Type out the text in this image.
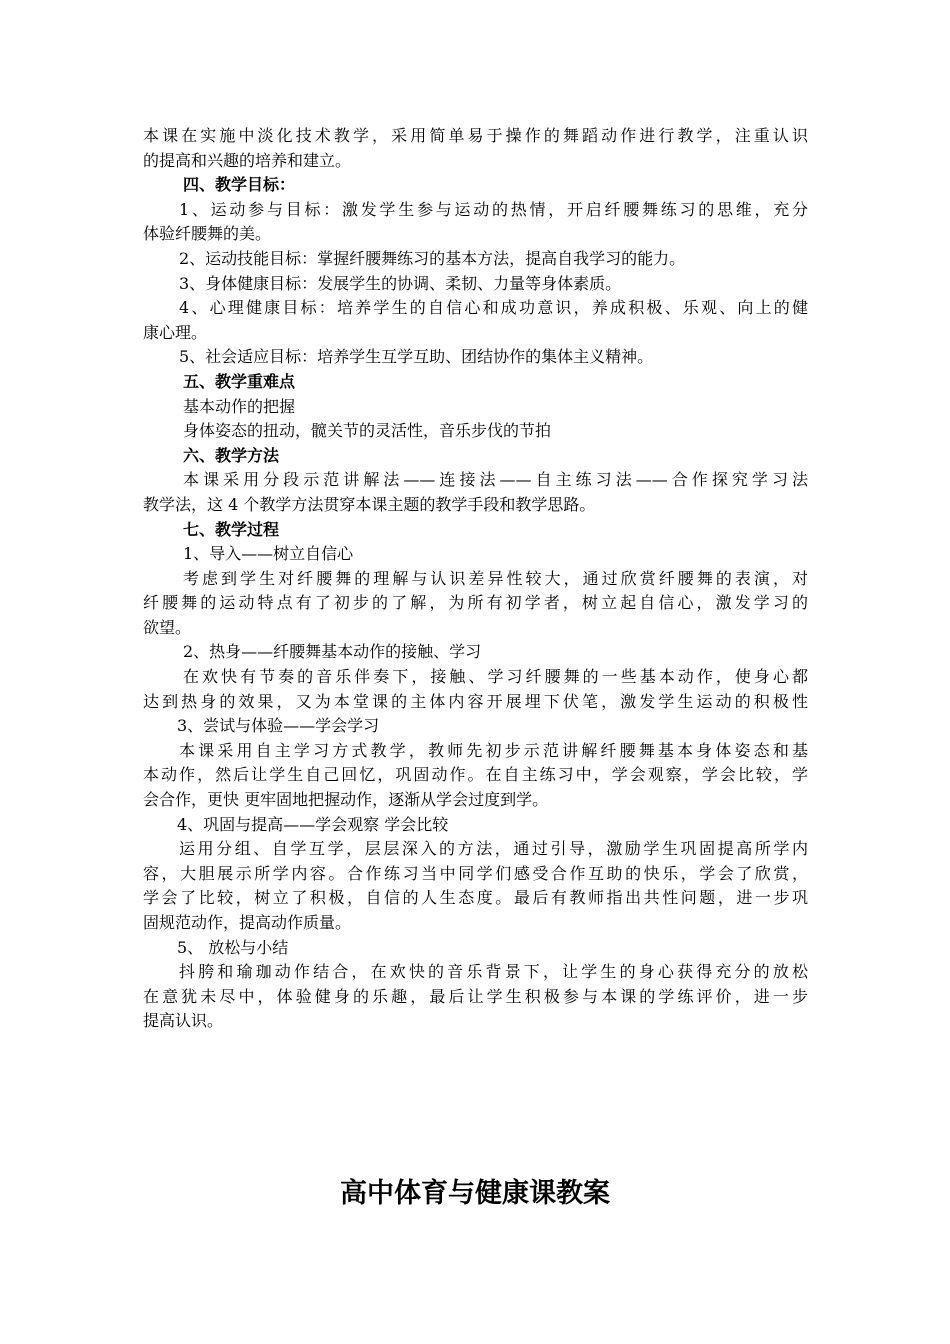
本课在实施中淡化技术教学，采用简单易于操作的舞蹈动作进行教学，注重认识
的提高和兴趣的培养和建立。
四、教学目标：
1、运动参与目标：激发学生参与运动的热情，开启纤腰舞练习的思维，充分
体验纤腰舞的美。
2、运动技能目标：掌握纤腰舞练习的基本方法，提高自我学习的能力。
3、身体健康目标：发展学生的协调、柔韧、力量等身体素质。
4、心理健康目标：培养学生的自信心和成功意识，养成积极、乐观、向上的健
康心理。
5、社会适应目标：培养学生互学互助、团结协作的集体主义精神。
五、教学重难点
基本动作的把握
身体姿态的扭动，髋关节的灵活性，音乐步伐的节拍
六、教学方法
本课采用分段示范讲解法——连接法——自主练习法——合作探究学习法
教学法，这 4 个教学方法贯穿本课主题的教学手段和教学思路。
七、教学过程
1、导入——树立自信心
考虑到学生对纤腰舞的理解与认识差异性较大，通过欣赏纤腰舞的表演，对
纤腰舞的运动特点有了初步的了解，为所有初学者，树立起自信心，激发学习的
欲望。
2、热身——纤腰舞基本动作的接触、学习
在欢快有节奏的音乐伴奏下，接触、学习纤腰舞的一些基本动作，使身心都
达到热身的效果，又为本堂课的主体内容开展埋下伏笔，激发学生运动的积极性
3、尝试与体验——学会学习
本课采用自主学习方式教学，教师先初步示范讲解纤腰舞基本身体姿态和基
本动作，然后让学生自己回忆，巩固动作。在自主练习中，学会观察，学会比较，学
会合作，更快 更牢固地把握动作，逐渐从学会过度到学。
4、巩固与提高——学会观察 学会比较
运用分组、自学互学，层层深入的方法，通过引导，激励学生巩固提高所学内
容，大胆展示所学内容。合作练习当中同学们感受合作互助的快乐，学会了欣赏，
学会了比较，树立了积极，自信的人生态度。最后有教师指出共性问题，进一步巩
固规范动作，提高动作质量。
5、 放松与小结
抖胯和瑜珈动作结合，在欢快的音乐背景下，让学生的身心获得充分的放松
在意犹未尽中，体验健身的乐趣，最后让学生积极参与本课的学练评价，进一步
提高认识。
高中体育与健康课教案
